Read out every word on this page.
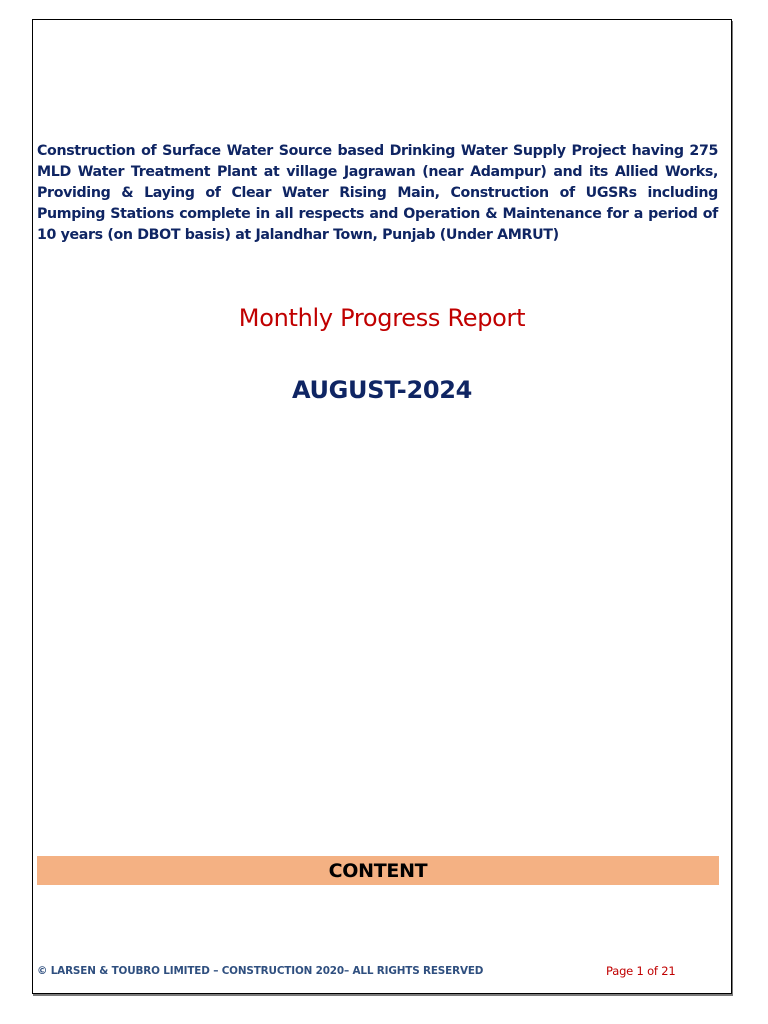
Construction of Surface Water Source based Drinking Water Supply Project having 275 MLD Water Treatment Plant at village Jagrawan (near Adampur) and its Allied Works, Providing & Laying of Clear Water Rising Main, Construction of UGSRs including Pumping Stations complete in all respects and Operation & Maintenance for a period of 10 years (on DBOT basis) at Jalandhar Town, Punjab (Under AMRUT)

Monthly Progress Report
AUGUST-2024
CONTENT
© LARSEN & TOUBRO LIMITED – CONSTRUCTION 2020– ALL RIGHTS RESERVED	Page 1 of 21
